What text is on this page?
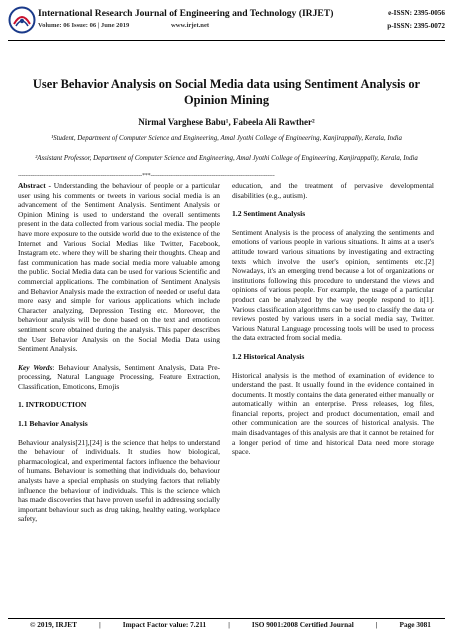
International Research Journal of Engineering and Technology (IRJET)
Volume: 06 Issue: 06 | June 2019	www.irjet.net
e-ISSN: 2395-0056
p-ISSN: 2395-0072
User Behavior Analysis on Social Media data using Sentiment Analysis or Opinion Mining
Nirmal Varghese Babu¹, Fabeela Ali Rawther²
¹Student, Department of Computer Science and Engineering, Amal Jyothi College of Engineering, Kanjirappally, Kerala, India
²Assistant Professor, Department of Computer Science and Engineering, Amal Jyothi College of Engineering, Kanjirappally, Kerala, India
---------------------------------------------------------------------***---------------------------------------------------------------------

Abstract - Understanding the behaviour of people or a particular user using his comments or tweets in various social media is an advancement of the Sentiment Analysis. Sentiment Analysis or Opinion Mining is used to understand the overall sentiments present in the data collected from various social media. The people have more exposure to the outside world due to the existence of the Internet and Various Social Medias like Twitter, Facebook, Instagram etc. where they will be sharing their thoughts. Cheap and fast communication has made social media more valuable among the public. Social Media data can be used for various Scientific and commercial applications. The combination of Sentiment Analysis and Behavior Analysis made the extraction of needed or useful data more easy and simple for various applications which include Character analyzing, Depression Testing etc. Moreover, the behaviour analysis will be done based on the text and emoticon sentiment score obtained during the analysis. This paper describes the User Behavior Analysis on the Social Media Data using Sentiment Analysis.

Key Words: Behaviour Analysis, Sentiment Analysis, Data Pre-processing, Natural Language Processing, Feature Extraction, Classification, Emoticons, Emojis

1. INTRODUCTION
1.1 Behavior Analysis

Behaviour analysis[21],[24] is the science that helps to understand the behaviour of individuals. It studies how biological, pharmacological, and experimental factors influence the behaviour of humans. Behaviour is something that individuals do, behaviour analysts have a special emphasis on studying factors that reliably influence the behaviour of individuals. This is the science which has made discoveries that have proven useful in addressing socially important behaviour such as drug taking, healthy eating, workplace safety,

education, and the treatment of pervasive developmental disabilities (e.g., autism).

1.2 Sentiment Analysis

Sentiment Analysis is the process of analyzing the sentiments and emotions of various people in various situations. It aims at a user's attitude toward various situations by investigating and extracting texts which involve the user's opinion, sentiments etc.[2] Nowadays, it's an emerging trend because a lot of organizations or institutions following this procedure to understand the views and opinions of various people. For example, the usage of a particular product can be analyzed by the way people respond to it[1]. Various classification algorithms can be used to classify the data or reviews posted by various users in a social media say, Twitter. Various Natural Language processing tools will be used to process the data extracted from social media.

1.2 Historical Analysis

Historical analysis is the method of examination of evidence to understand the past. It usually found in the evidence contained in documents. It mostly contains the data generated either manually or automatically within an enterprise. Press releases, log files, financial reports, project and product documentation, email and other communication are the sources of historical analysis. The main disadvantages of this analysis are that it cannot be retained for a longer period of time and historical Data need more storage space.

© 2019, IRJET	|	Impact Factor value: 7.211	|	ISO 9001:2008 Certified Journal	|	Page 3081
